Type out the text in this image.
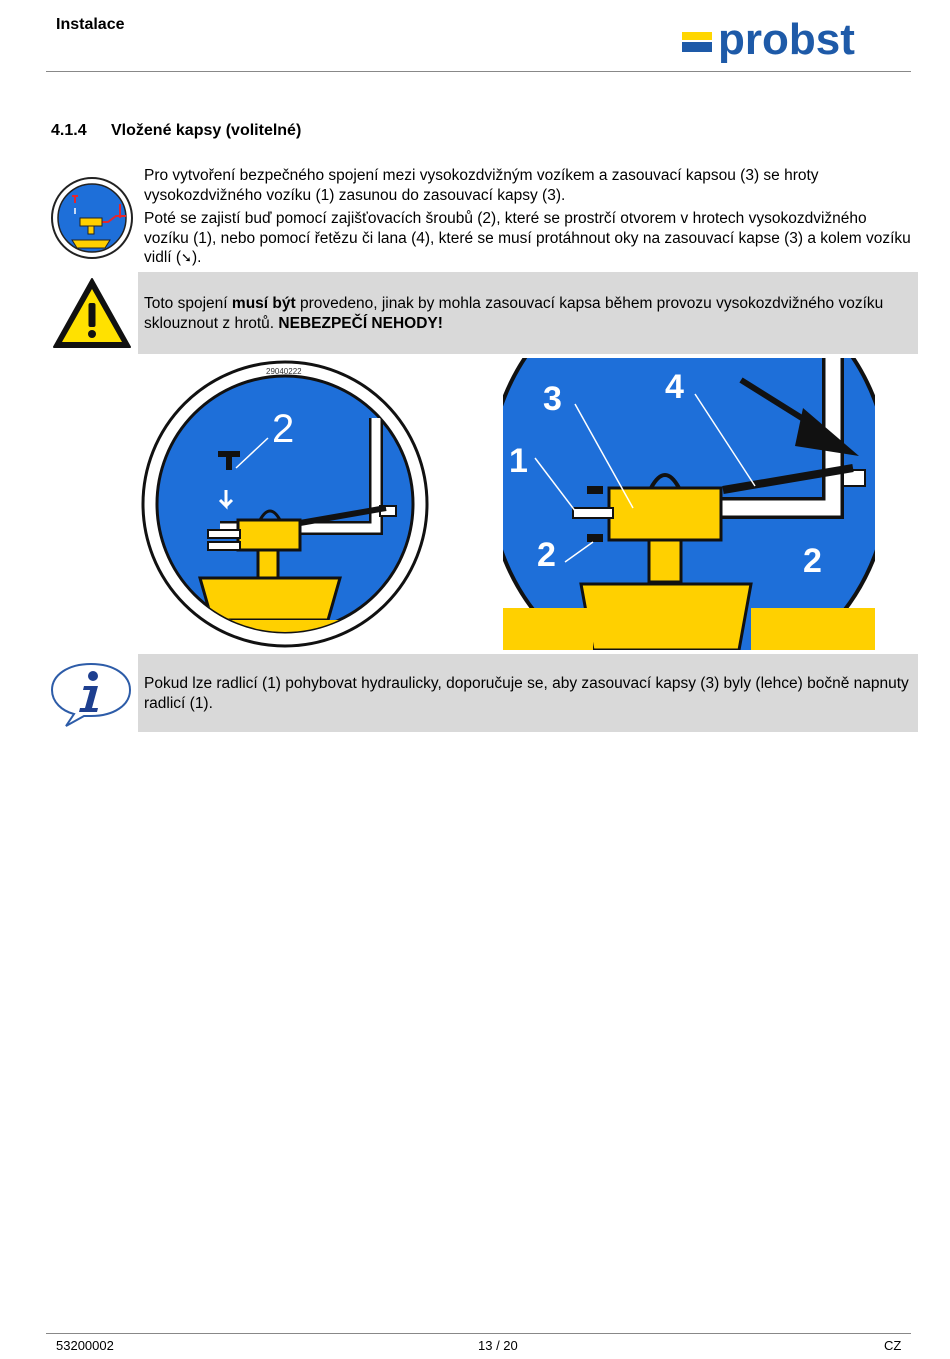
Instalace	probst
4.1.4 Vložené kapsy (volitelné)

Pro vytvoření bezpečného spojení mezi vysokozdvižným vozíkem a zasouvací kapsou (3) se hroty vysokozdvižného vozíku (1) zasunou do zasouvací kapsy (3).

Poté se zajistí buď pomocí zajišťovacích šroubů (2), které se prostrčí otvorem v hrotech vysokozdvižného vozíku (1), nebo pomocí řetězu či lana (4), které se musí protáhnout oky na zasouvací kapse (3) a kolem vozíku vidlí (➘).

Toto spojení musí být provedeno, jinak by mohla zasouvací kapsa během provozu vysokozdvižného vozíku sklouznout z hrotů. NEBEZPEČÍ NEHODY!

29040222
2
3	4
1
2	2

Pokud lze radlicí (1) pohybovat hydraulicky, doporučuje se, aby zasouvací kapsy (3) byly (lehce) bočně napnuty radlicí (1).

53200002	13 / 20	CZ
